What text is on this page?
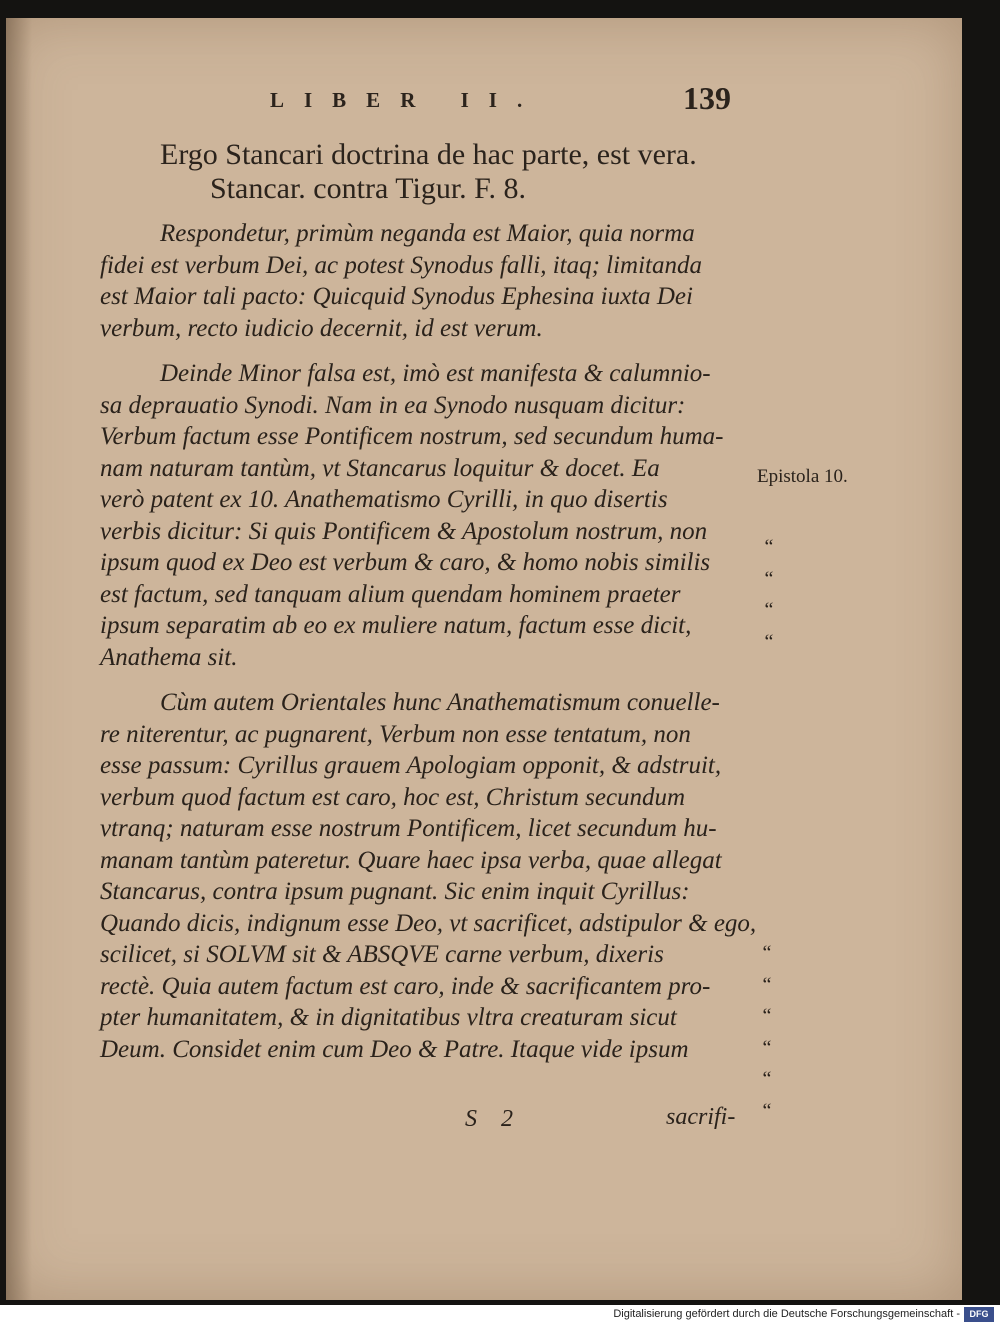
LIBER II.	139
Ergo Stancari doctrina de hac parte, est vera.
Stancar. contra Tigur. F. 8.
Respondetur, primùm neganda est Maior, quia norma
fidei est verbum Dei, ac potest Synodus falli, itaq; limitanda
est Maior tali pacto: Quicquid Synodus Ephesina iuxta Dei
verbum, recto iudicio decernit, id est verum.
Deinde Minor falsa est, imò est manifesta & calumnio-
sa deprauatio Synodi. Nam in ea Synodo nusquam dicitur:
Verbum factum esse Pontificem nostrum, sed secundum huma-
nam naturam tantùm, vt Stancarus loquitur & docet. Ea
verò patent ex 10. Anathematismo Cyrilli, in quo disertis
verbis dicitur: Si quis Pontificem & Apostolum nostrum, non
ipsum quod ex Deo est verbum & caro, & homo nobis similis
est factum, sed tanquam alium quendam hominem praeter
ipsum separatim ab eo ex muliere natum, factum esse dicit,
Anathema sit.
Cùm autem Orientales hunc Anathematismum conuelle-
re niterentur, ac pugnarent, Verbum non esse tentatum, non
esse passum: Cyrillus grauem Apologiam opponit, & adstruit,
verbum quod factum est caro, hoc est, Christum secundum
vtranq; naturam esse nostrum Pontificem, licet secundum hu-
manam tantùm pateretur. Quare haec ipsa verba, quae allegat
Stancarus, contra ipsum pugnant. Sic enim inquit Cyrillus:
Quando dicis, indignum esse Deo, vt sacrificet, adstipulor & ego,
scilicet, si SOLVM sit & ABSQVE carne verbum, dixeris
rectè. Quia autem factum est caro, inde & sacrificantem pro-
pter humanitatem, & in dignitatibus vltra creaturam sicut
Deum. Considet enim cum Deo & Patre. Itaque vide ipsum
Epistola 10.
“
“
“
“
“
“
“
“
“
“
S 2	sacrifi-
Digitalisierung gefördert durch die Deutsche Forschungsgemeinschaft -	DFG
